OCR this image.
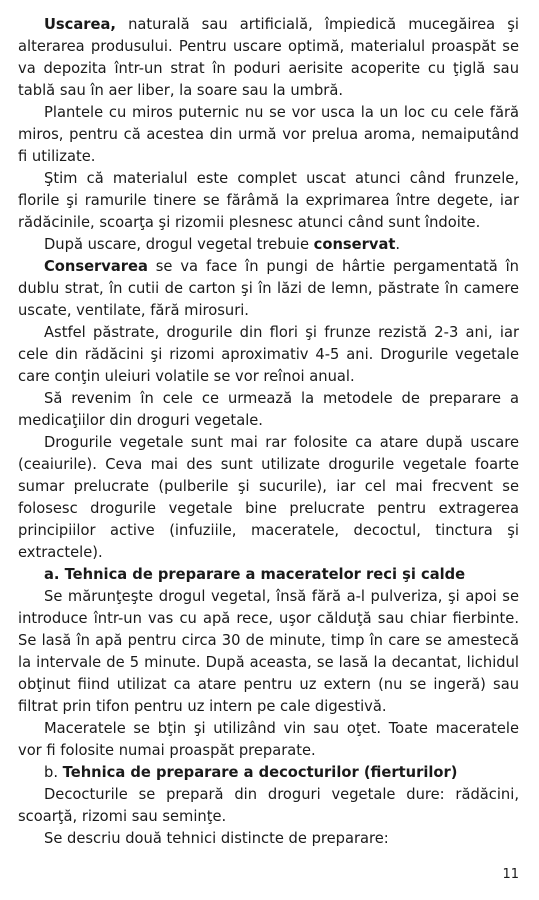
Uscarea, naturală sau artificială, împiedică mucegăirea şi alterarea produsului. Pentru uscare optimă, materialul proaspăt se va depozita într-un strat în poduri aerisite acoperite cu ţiglă sau tablă sau în aer liber, la soare sau la umbră.

Plantele cu miros puternic nu se vor usca la un loc cu cele fără miros, pentru că acestea din urmă vor prelua aroma, nemaiputând fi utilizate.

Ştim că materialul este complet uscat atunci când frunzele, florile şi ramurile tinere se fărâmă la exprimarea între degete, iar rădăcinile, scoarţa şi rizomii plesnesc atunci când sunt îndoite.

După uscare, drogul vegetal trebuie conservat.

Conservarea se va face în pungi de hârtie pergamentată în dublu strat, în cutii de carton şi în lăzi de lemn, păstrate în camere uscate, ventilate, fără mirosuri.

Astfel păstrate, drogurile din flori şi frunze rezistă 2-3 ani, iar cele din rădăcini şi rizomi aproximativ 4-5 ani. Drogurile vegetale care conţin uleiuri volatile se vor reînoi anual.

Să revenim în cele ce urmează la metodele de preparare a medicaţiilor din droguri vegetale.

Drogurile vegetale sunt mai rar folosite ca atare după uscare (ceaiurile). Ceva mai des sunt utilizate drogurile vegetale foarte sumar prelucrate (pulberile şi sucurile), iar cel mai frecvent se folosesc drogurile vegetale bine prelucrate pentru extragerea principiilor active (infuziile, maceratele, decoctul, tinctura şi extractele).

a. Tehnica de preparare a maceratelor reci şi calde

Se mărunţeşte drogul vegetal, însă fără a-l pulveriza, şi apoi se introduce într-un vas cu apă rece, uşor călduţă sau chiar fierbinte. Se lasă în apă pentru circa 30 de minute, timp în care se amestecă la intervale de 5 minute. După aceasta, se lasă la decantat, lichidul obţinut fiind utilizat ca atare pentru uz extern (nu se ingeră) sau filtrat prin tifon pentru uz intern pe cale digestivă.

Maceratele se bţin şi utilizând vin sau oţet. Toate maceratele vor fi folosite numai proaspăt preparate.

b. Tehnica de preparare a decocturilor (fierturilor)

Decocturile se prepară din droguri vegetale dure: rădăcini, scoarţă, rizomi sau seminţe.

Se descriu două tehnici distincte de preparare:

11
